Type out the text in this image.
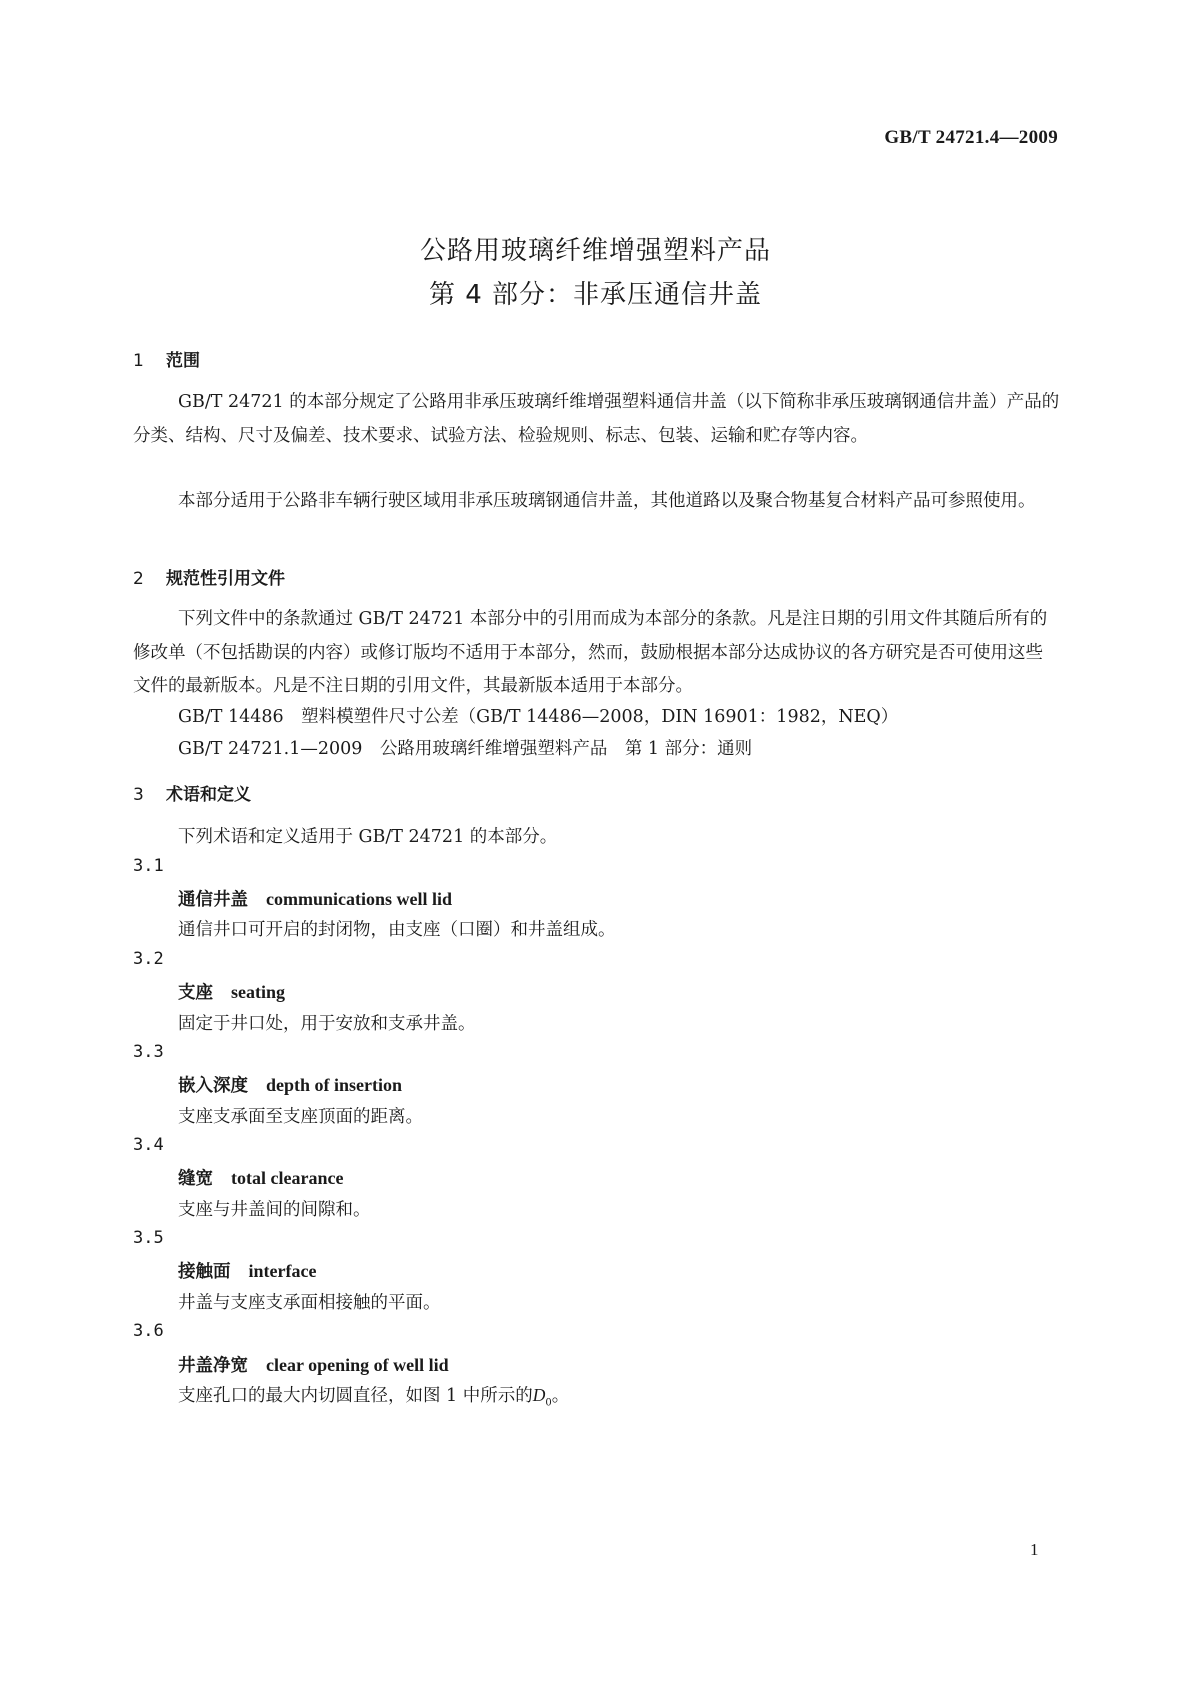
GB/T 24721.4—2009
公路用玻璃纤维增强塑料产品
第 4 部分：非承压通信井盖
1 范围
GB/T 24721 的本部分规定了公路用非承压玻璃纤维增强塑料通信井盖（以下简称非承压玻璃钢通信井盖）产品的分类、结构、尺寸及偏差、技术要求、试验方法、检验规则、标志、包装、运输和贮存等内容。
本部分适用于公路非车辆行驶区域用非承压玻璃钢通信井盖，其他道路以及聚合物基复合材料产品可参照使用。
2 规范性引用文件
下列文件中的条款通过 GB/T 24721 本部分中的引用而成为本部分的条款。凡是注日期的引用文件其随后所有的修改单（不包括勘误的内容）或修订版均不适用于本部分，然而，鼓励根据本部分达成协议的各方研究是否可使用这些文件的最新版本。凡是不注日期的引用文件，其最新版本适用于本部分。
GB/T 14486　塑料模塑件尺寸公差（GB/T 14486—2008，DIN 16901：1982，NEQ）
GB/T 24721.1—2009　公路用玻璃纤维增强塑料产品　第 1 部分：通则
3 术语和定义
下列术语和定义适用于 GB/T 24721 的本部分。
3.1
通信井盖 communications well lid
通信井口可开启的封闭物，由支座（口圈）和井盖组成。
3.2
支座 seating
固定于井口处，用于安放和支承井盖。
3.3
嵌入深度 depth of insertion
支座支承面至支座顶面的距离。
3.4
缝宽 total clearance
支座与井盖间的间隙和。
3.5
接触面 interface
井盖与支座支承面相接触的平面。
3.6
井盖净宽 clear opening of well lid
支座孔口的最大内切圆直径，如图 1 中所示的$D_0$。
1
